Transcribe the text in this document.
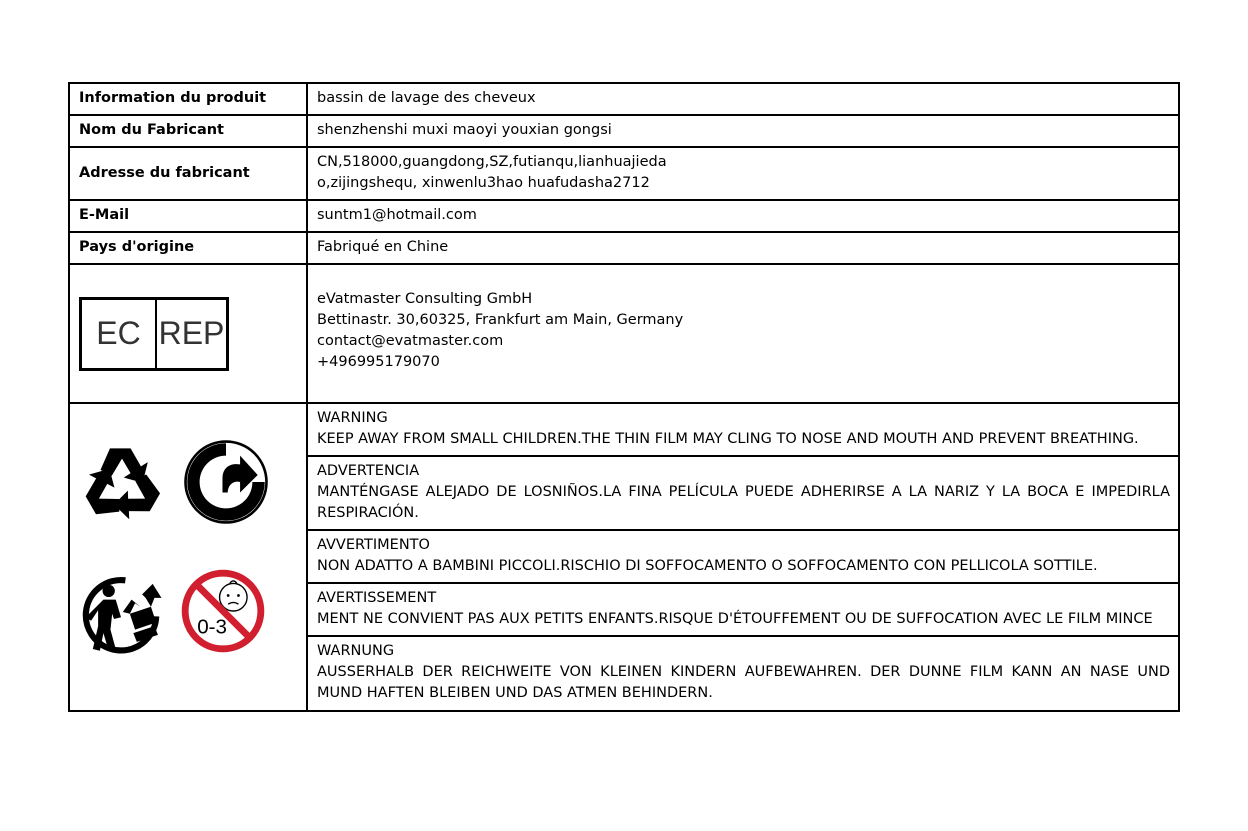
Information du produit	bassin de lavage des cheveux
Nom du Fabricant	shenzhenshi muxi maoyi youxian gongsi
Adresse du fabricant	CN,518000,guangdong,SZ,futianqu,lianhuajieda
o,zijingshequ, xinwenlu3hao huafudasha2712
E-Mail	suntm1@hotmail.com
Pays d'origine	Fabriqué en Chine

EC REP	eVatmaster Consulting GmbH
Bettinastr. 30,60325, Frankfurt am Main, Germany
contact@evatmaster.com
+496995179070

0-3	WARNING
KEEP AWAY FROM SMALL CHILDREN.THE THIN FILM MAY CLING TO NOSE AND MOUTH AND PREVENT BREATHING.

	ADVERTENCIA
MANTÉNGASE ALEJADO DE LOSNIÑOS.LA FINA PELÍCULA PUEDE ADHERIRSE A LA NARIZ Y LA BOCA E IMPEDIRLA RESPIRACIÓN.

	AVVERTIMENTO
NON ADATTO A BAMBINI PICCOLI.RISCHIO DI SOFFOCAMENTO O SOFFOCAMENTO CON PELLICOLA SOTTILE.

	AVERTISSEMENT
MENT NE CONVIENT PAS AUX PETITS ENFANTS.RISQUE D'ÉTOUFFEMENT OU DE SUFFOCATION AVEC LE FILM MINCE

	WARNUNG
AUSSERHALB DER REICHWEITE VON KLEINEN KINDERN AUFBEWAHREN. DER DUNNE FILM KANN AN NASE UND MUND HAFTEN BLEIBEN UND DAS ATMEN BEHINDERN.
